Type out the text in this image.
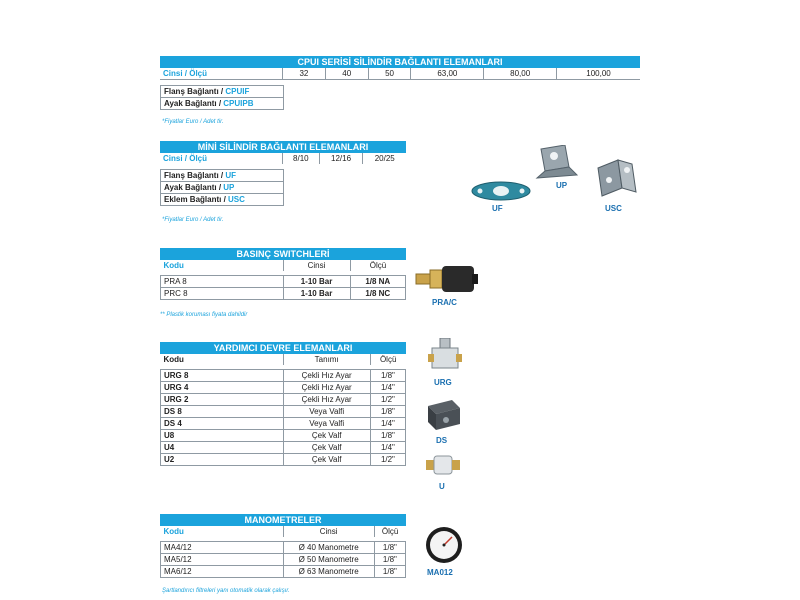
CPUI SERİSİ SİLİNDİR BAĞLANTI ELEMANLARI
Cinsi / Ölçü	32	40	50	63,00	80,00	100,00
Flanş Bağlantı / CPUIF
Ayak Bağlantı / CPUIPB
*Fiyatlar Euro / Adet tir.
MİNİ SİLİNDİR BAĞLANTI ELEMANLARI
Cinsi / Ölçü	8/10	12/16	20/25
Flanş Bağlantı / UF
Ayak Bağlantı / UP
Eklem Bağlantı / USC
*Fiyatlar Euro / Adet tir.
UF
UP
USC
BASINÇ SWITCHLERİ
Kodu	Cinsi	Ölçü

PRA 8	1-10 Bar	1/8 NA
PRC 8	1-10 Bar	1/8 NC
** Plastik koruması fiyata dahildir
PRA/C
YARDIMCI DEVRE ELEMANLARI
Kodu	Tanımı	Ölçü

URG 8	Çekli Hız Ayar	1/8"
URG 4	Çekli Hız Ayar	1/4"
URG 2	Çekli Hız Ayar	1/2"
DS 8	Veya Valfi	1/8"
DS 4	Veya Valfi	1/4"
U8	Çek Valf	1/8"
U4	Çek Valf	1/4"
U2	Çek Valf	1/2"
URG
DS
U
MANOMETRELER
Kodu	Cinsi	Ölçü

MA4/12	Ø 40 Manometre	1/8"
MA5/12	Ø 50 Manometre	1/8"
MA6/12	Ø 63 Manometre	1/8"
Şartlandırıcı filtreleri yanı otomatik olarak çalışır.
MA012
